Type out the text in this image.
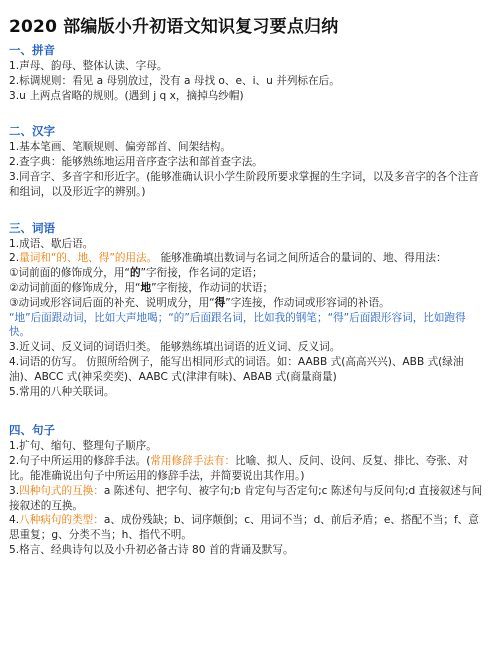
2020 部编版小升初语文知识复习要点归纳
一、拼音
1.声母、韵母、整体认读、字母。
2.标调规则：看见 a 母别放过，没有 a 母找 o、e、i、u 并列标在后。
3.u 上两点省略的规则。(遇到 j q x，摘掉乌纱帽)
二、汉字
1.基本笔画、笔顺规则、偏旁部首、间架结构。
2.查字典：能够熟练地运用音序查字法和部首查字法。
3.同音字、多音字和形近字。(能够准确认识小学生阶段所要求掌握的生字词，以及多音字的各个注音和组词，以及形近字的辨别。)
三、词语
1.成语、歇后语。
2.量词和“的、地、得”的用法。 能够准确填出数词与名词之间所适合的量词的、地、得用法：
①词前面的修饰成分，用“的”字衔接，作名词的定语；
②动词前面的修饰成分，用“地”字衔接，作动词的状语；
③动词或形容词后面的补充、说明成分，用“得”字连接，作动词或形容词的补语。
“地”后面跟动词，比如大声地喝；“的”后面跟名词，比如我的钢笔；“得”后面跟形容词，比如跑得快。
3.近义词、反义词的词语归类。 能够熟练填出词语的近义词、反义词。
4.词语的仿写。 仿照所给例子，能写出相同形式的词语。如：AABB 式(高高兴兴)、ABB 式(绿油油)、ABCC 式(神采奕奕)、AABC 式(津津有味)、ABAB 式(商量商量)
5.常用的八种关联词。
四、句子
1.扩句、缩句、整理句子顺序。
2.句子中所运用的修辞手法。(常用修辞手法有：比喻、拟人、反问、设问、反复、排比、夸张、对比。能准确说出句子中所运用的修辞手法，并简要说出其作用。)
3.四种句式的互换：a 陈述句、把字句、被字句;b 肯定句与否定句;c 陈述句与反问句;d 直接叙述与间接叙述的互换。
4.八种病句的类型：a、成份残缺；b、词序颠倒；c、用词不当；d、前后矛盾；e、搭配不当；f、意思重复；g、分类不当；h、指代不明。
5.格言、经典诗句以及小升初必备古诗 80 首的背诵及默写。
